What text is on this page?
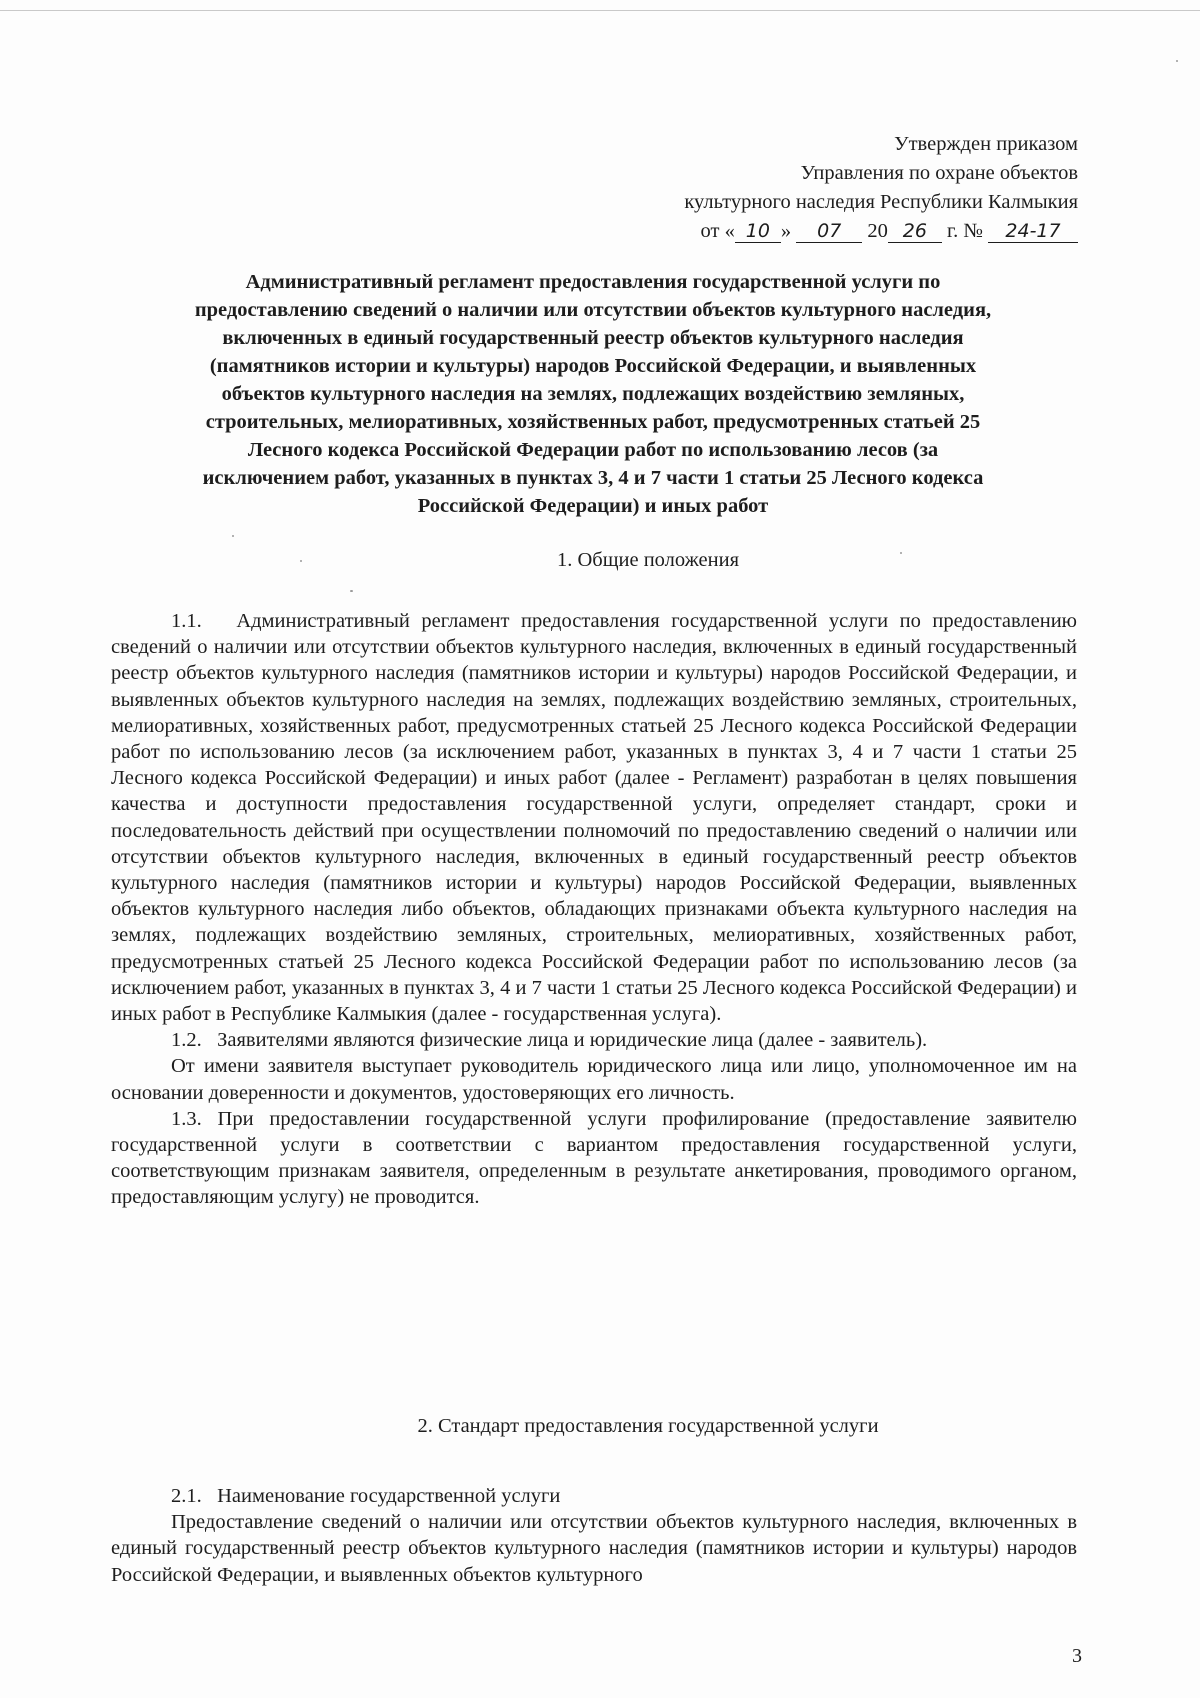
Утвержден приказом
Управления по охране объектов
культурного наследия Республики Калмыкия
от « 10 » 07 20 26 г. № 24-17
Административный регламент предоставления государственной услуги по
предоставлению сведений о наличии или отсутствии объектов культурного наследия,
включенных в единый государственный реестр объектов культурного наследия
(памятников истории и культуры) народов Российской Федерации, и выявленных
объектов культурного наследия на землях, подлежащих воздействию земляных,
строительных, мелиоративных, хозяйственных работ, предусмотренных статьей 25
Лесного кодекса Российской Федерации работ по использованию лесов (за
исключением работ, указанных в пунктах 3, 4 и 7 части 1 статьи 25 Лесного кодекса
Российской Федерации) и иных работ
1. Общие положения

1.1.   Административный регламент предоставления государственной услуги по предоставлению сведений о наличии или отсутствии объектов культурного наследия, включенных в единый государственный реестр объектов культурного наследия (памятников истории и культуры) народов Российской Федерации, и выявленных объектов культурного наследия на землях, подлежащих воздействию земляных, строительных, мелиоративных, хозяйственных работ, предусмотренных статьей 25 Лесного кодекса Российской Федерации работ по использованию лесов (за исключением работ, указанных в пунктах 3, 4 и 7 части 1 статьи 25 Лесного кодекса Российской Федерации) и иных работ (далее - Регламент) разработан в целях повышения качества и доступности предоставления государственной услуги, определяет стандарт, сроки и последовательность действий при осуществлении полномочий по предоставлению сведений о наличии или отсутствии объектов культурного наследия, включенных в единый государственный реестр объектов культурного наследия (памятников истории и культуры) народов Российской Федерации, выявленных объектов культурного наследия либо объектов, обладающих признаками объекта культурного наследия на землях, подлежащих воздействию земляных, строительных, мелиоративных, хозяйственных работ, предусмотренных статьей 25 Лесного кодекса Российской Федерации работ по использованию лесов (за исключением работ, указанных в пунктах 3, 4 и 7 части 1 статьи 25 Лесного кодекса Российской Федерации) и иных работ в Республике Калмыкия (далее - государственная услуга).

1.2.   Заявителями являются физические лица и юридические лица (далее - заявитель).

От имени заявителя выступает руководитель юридического лица или лицо, уполномоченное им на основании доверенности и документов, удостоверяющих его личность.

1.3. При предоставлении государственной услуги профилирование (предоставление заявителю государственной услуги в соответствии с вариантом предоставления государственной услуги, соответствующим признакам заявителя, определенным в результате анкетирования, проводимого органом, предоставляющим услугу) не проводится.

2. Стандарт предоставления государственной услуги

2.1.   Наименование государственной услуги

Предоставление сведений о наличии или отсутствии объектов культурного наследия, включенных в единый государственный реестр объектов культурного наследия (памятников истории и культуры) народов Российской Федерации, и выявленных объектов культурного

3
